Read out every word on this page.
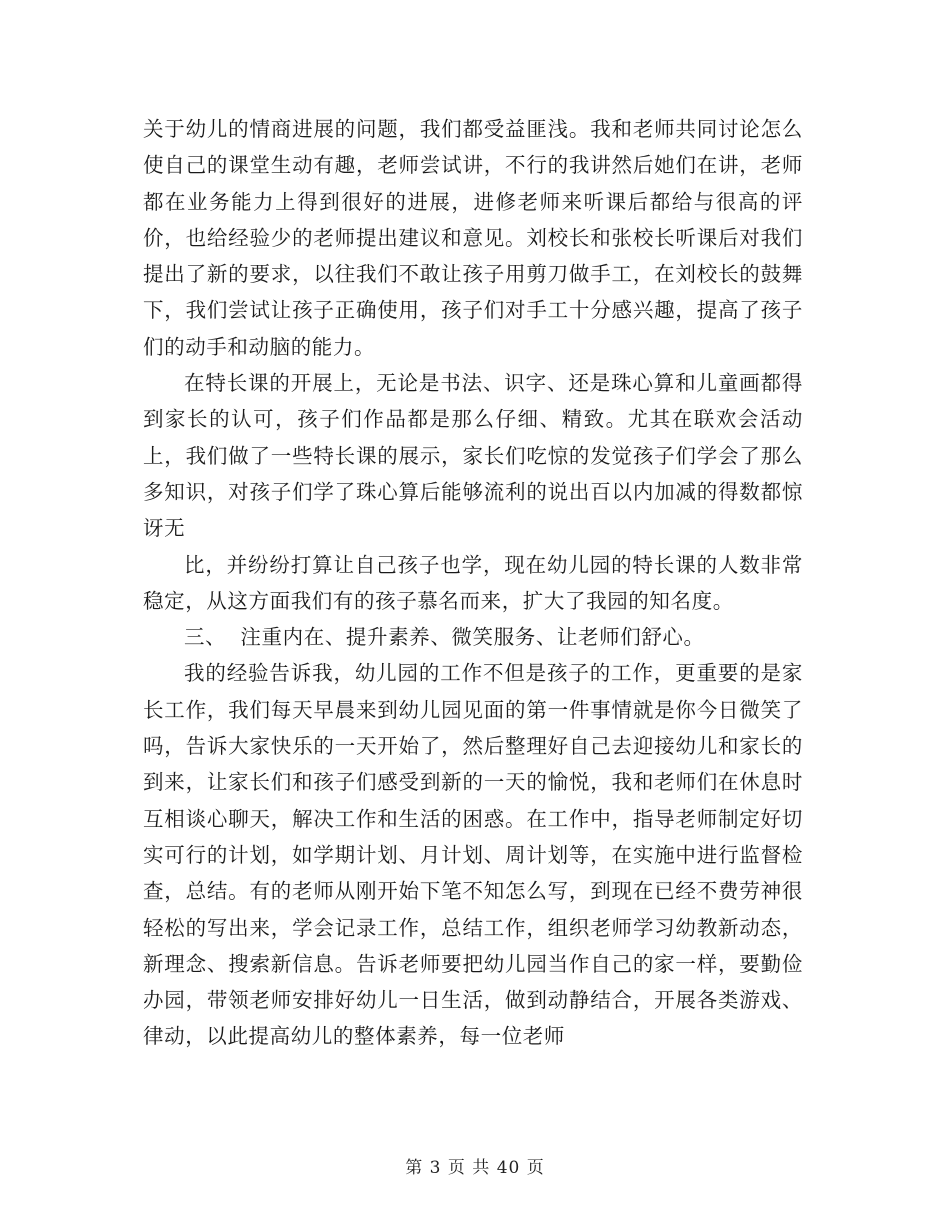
关于幼儿的情商进展的问题，我们都受益匪浅。我和老师共同讨论怎么使自己的课堂生动有趣，老师尝试讲，不行的我讲然后她们在讲，老师都在业务能力上得到很好的进展，进修老师来听课后都给与很高的评价，也给经验少的老师提出建议和意见。刘校长和张校长听课后对我们提出了新的要求，以往我们不敢让孩子用剪刀做手工，在刘校长的鼓舞下，我们尝试让孩子正确使用，孩子们对手工十分感兴趣，提高了孩子们的动手和动脑的能力。

在特长课的开展上，无论是书法、识字、还是珠心算和儿童画都得到家长的认可，孩子们作品都是那么仔细、精致。尤其在联欢会活动上，我们做了一些特长课的展示，家长们吃惊的发觉孩子们学会了那么多知识，对孩子们学了珠心算后能够流利的说出百以内加减的得数都惊讶无

比，并纷纷打算让自己孩子也学，现在幼儿园的特长课的人数非常稳定，从这方面我们有的孩子慕名而来，扩大了我园的知名度。

三、  注重内在、提升素养、微笑服务、让老师们舒心。

我的经验告诉我，幼儿园的工作不但是孩子的工作，更重要的是家长工作，我们每天早晨来到幼儿园见面的第一件事情就是你今日微笑了吗，告诉大家快乐的一天开始了，然后整理好自己去迎接幼儿和家长的到来，让家长们和孩子们感受到新的一天的愉悦，我和老师们在休息时互相谈心聊天，解决工作和生活的困惑。在工作中，指导老师制定好切实可行的计划，如学期计划、月计划、周计划等，在实施中进行监督检查，总结。有的老师从刚开始下笔不知怎么写，到现在已经不费劳神很轻松的写出来，学会记录工作，总结工作，组织老师学习幼教新动态，新理念、搜索新信息。告诉老师要把幼儿园当作自己的家一样，要勤俭办园，带领老师安排好幼儿一日生活，做到动静结合，开展各类游戏、律动，以此提高幼儿的整体素养，每一位老师

第 3 页 共 40 页
